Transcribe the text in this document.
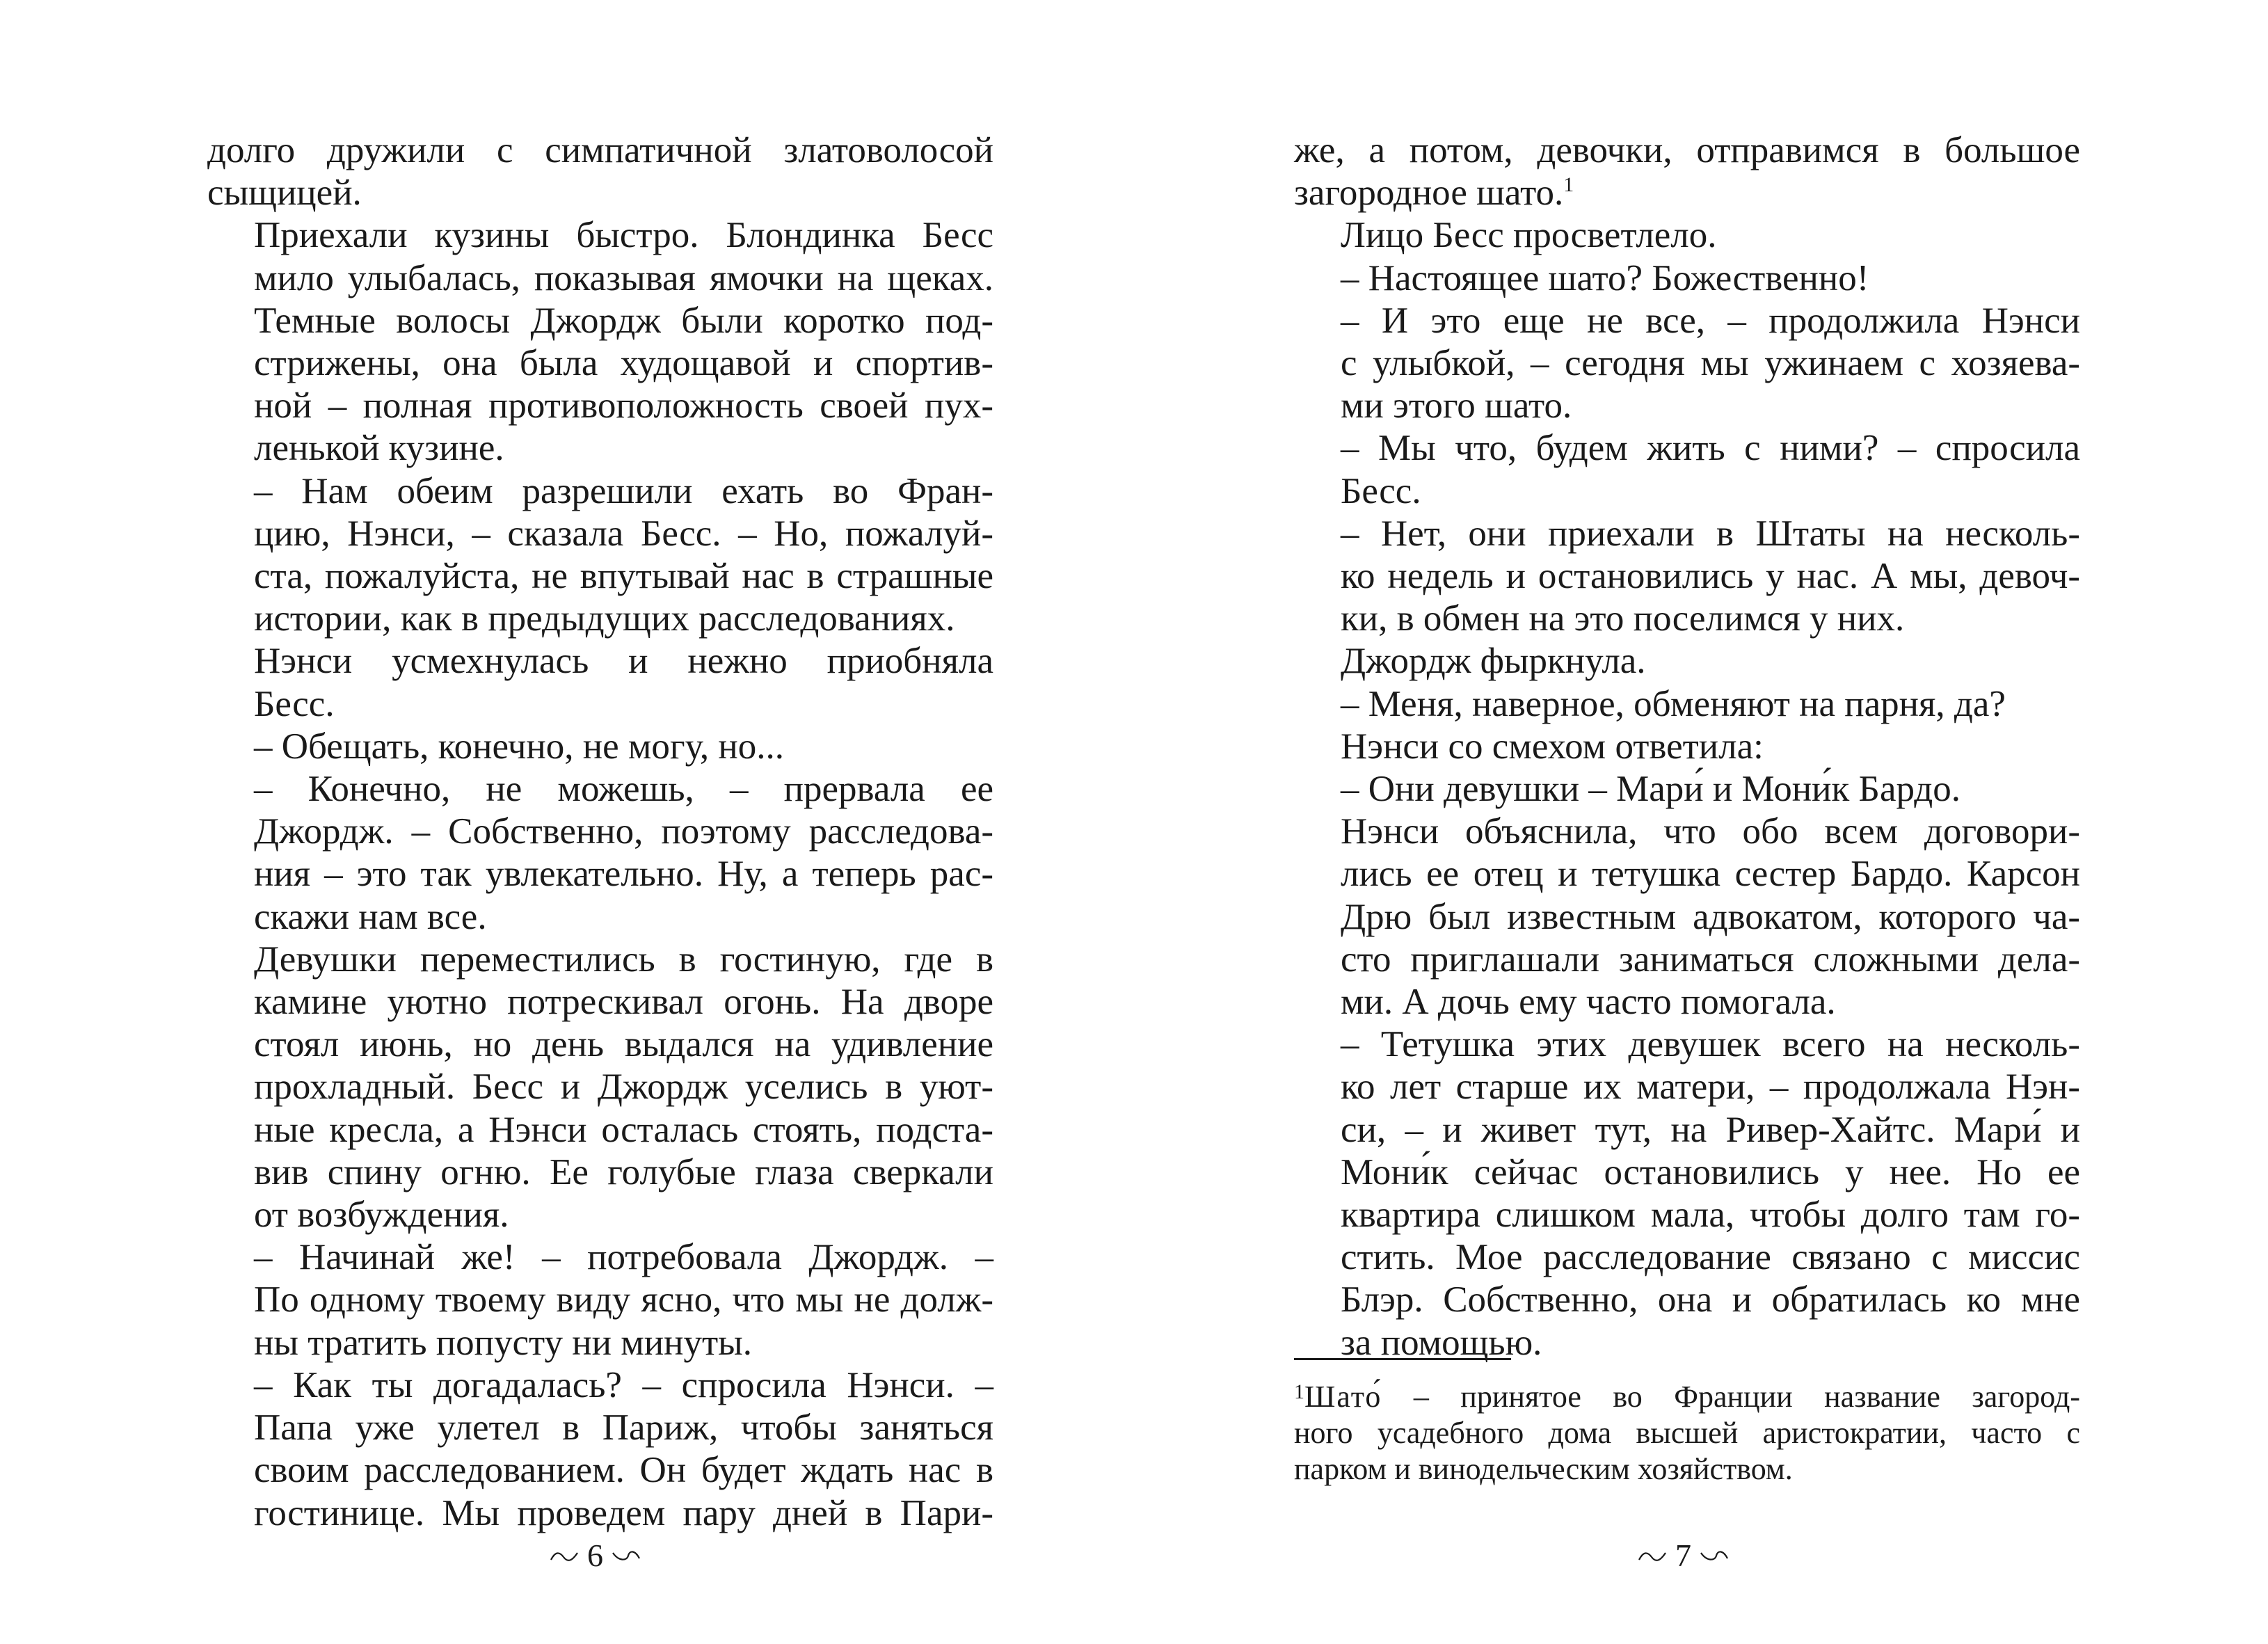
долго дружили с симпатичной златоволосой
сыщицей.

Приехали кузины быстро. Блондинка Бесс
мило улыбалась, показывая ямочки на щеках.
Темные волосы Джордж были коротко под-
стрижены, она была худощавой и спортив-
ной – полная противоположность своей пух-
ленькой кузине.

– Нам обеим разрешили ехать во Фран-
цию, Нэнси, – сказала Бесс. – Но, пожалуй-
ста, пожалуйста, не впутывай нас в страшные
истории, как в предыдущих расследованиях.

Нэнси усмехнулась и нежно приобняла
Бесс.

– Обещать, конечно, не могу, но...

– Конечно, не можешь, – прервала ее
Джордж. – Собственно, поэтому расследова-
ния – это так увлекательно. Ну, а теперь рас-
скажи нам все.

Девушки переместились в гостиную, где в
камине уютно потрескивал огонь. На дворе
стоял июнь, но день выдался на удивление
прохладный. Бесс и Джордж уселись в уют-
ные кресла, а Нэнси осталась стоять, подста-
вив спину огню. Ее голубые глаза сверкали
от возбуждения.

– Начинай же! – потребовала Джордж. –
По одному твоему виду ясно, что мы не долж-
ны тратить попусту ни минуты.

– Как ты догадалась? – спросила Нэнси. –
Папа уже улетел в Париж, чтобы заняться
своим расследованием. Он будет ждать нас в
гостинице. Мы проведем пару дней в Пари-

6

же, а потом, девочки, отправимся в большое
загородное шато.$^1$

Лицо Бесс просветлело.

– Настоящее шато? Божественно!

– И это еще не все, – продолжила Нэнси
с улыбкой, – сегодня мы ужинаем с хозяева-
ми этого шато.

– Мы что, будем жить с ними? – спросила
Бесс.

– Нет, они приехали в Штаты на несколь-
ко недель и остановились у нас. А мы, девоч-
ки, в обмен на это поселимся у них.

Джордж фыркнула.

– Меня, наверное, обменяют на парня, да?

Нэнси со смехом ответила:

– Они девушки – Мари́ и Мони́к Бардо.

Нэнси объяснила, что обо всем договори-
лись ее отец и тетушка сестер Бардо. Карсон
Дрю был известным адвокатом, которого ча-
сто приглашали заниматься сложными дела-
ми. А дочь ему часто помогала.

– Тетушка этих девушек всего на несколь-
ко лет старше их матери, – продолжала Нэн-
си, – и живет тут, на Ривер-Хайтс. Мари́ и
Мони́к сейчас остановились у нее. Но ее
квартира слишком мала, чтобы долго там го-
стить. Мое расследование связано с миссис
Блэр. Собственно, она и обратилась ко мне
за помощью.

$^1$Шато́ – принятое во Франции название загород-
ного усадебного дома высшей аристократии, часто с
парком и винодельческим хозяйством.
7
